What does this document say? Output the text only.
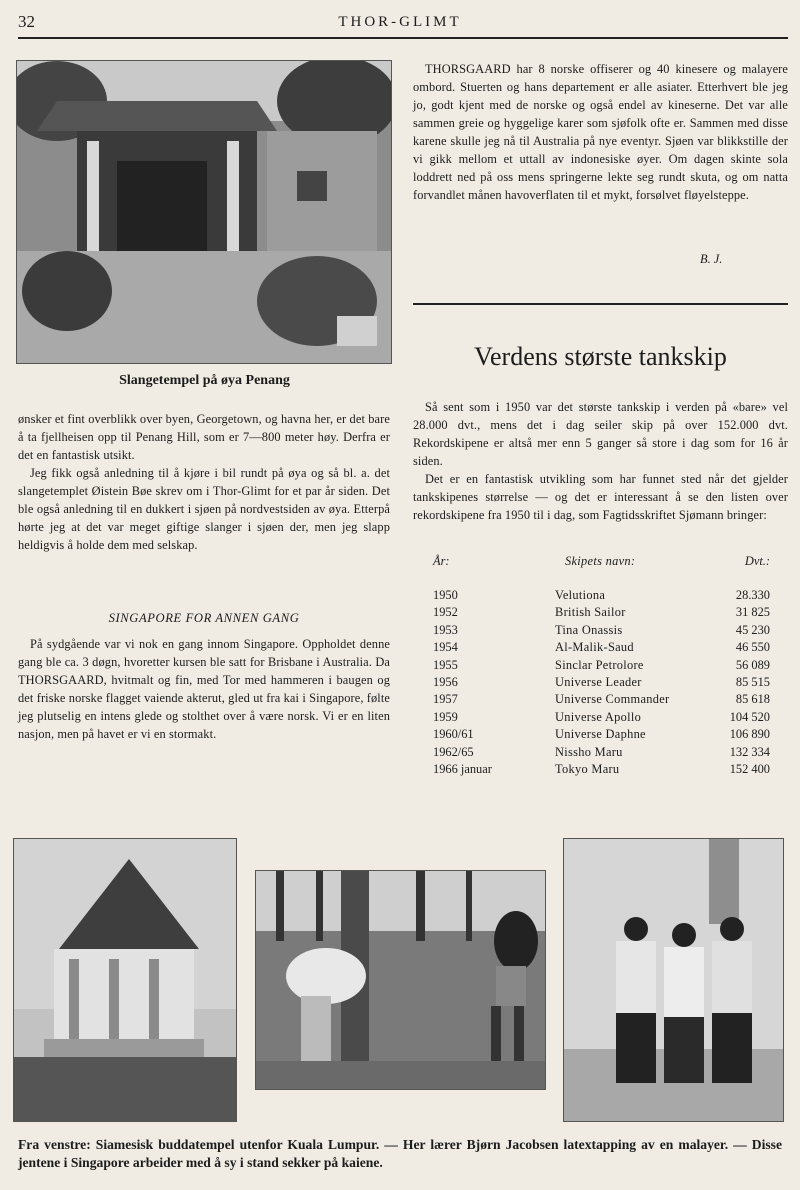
32	THOR-GLIMT
Slangetempel på øya Penang

THORSGAARD har 8 norske offiserer og 40 kinesere og malayere ombord. Stuerten og hans departement er alle asiater. Etterhvert ble jeg jo, godt kjent med de norske og også endel av kineserne. Det var alle sammen greie og hyggelige karer som sjøfolk ofte er. Sammen med disse karene skulle jeg nå til Australia på nye eventyr. Sjøen var blikkstille der vi gikk mellom et uttall av indonesiske øyer. Om dagen skinte sola loddrett ned på oss mens springerne lekte seg rundt skuta, og om natta forvandlet månen havoverflaten til et mykt, forsølvet fløyelsteppe.

B. J.
Verdens største tankskip

Så sent som i 1950 var det største tankskip i verden på «bare» vel 28.000 dvt., mens det i dag seiler skip på over 152.000 dvt. Rekordskipene er altså mer enn 5 ganger så store i dag som for 16 år siden.

Det er en fantastisk utvikling som har funnet sted når det gjelder tankskipenes størrelse — og det er interessant å se den listen over rekordskipene fra 1950 til i dag, som Fagtidsskriftet Sjømann bringer:

ønsker et fint overblikk over byen, Georgetown, og havna her, er det bare å ta fjellheisen opp til Penang Hill, som er 7—800 meter høy. Derfra er det en fantastisk utsikt.

Jeg fikk også anledning til å kjøre i bil rundt på øya og så bl. a. det slangetemplet Øistein Bøe skrev om i Thor-Glimt for et par år siden. Det ble også anledning til en dukkert i sjøen på nordvestsiden av øya. Etterpå hørte jeg at det var meget giftige slanger i sjøen der, men jeg slapp heldigvis å holde dem med selskap.

SINGAPORE FOR ANNEN GANG

På sydgående var vi nok en gang innom Singapore. Oppholdet denne gang ble ca. 3 døgn, hvoretter kursen ble satt for Brisbane i Australia. Da THORSGAARD, hvitmalt og fin, med Tor med hammeren i baugen og det friske norske flagget vaiende akterut, gled ut fra kai i Singapore, følte jeg plutselig en intens glede og stolthet over å være norsk. Vi er en liten nasjon, men på havet er vi en stormakt.

År:	Skipets navn:	Dvt.:
1950	Velutiona	28.330
1952	British Sailor	31 825
1953	Tina Onassis	45 230
1954	Al-Malik-Saud	46 550
1955	Sinclar Petrolore	56 089
1956	Universe Leader	85 515
1957	Universe Commander	85 618
1959	Universe Apollo	104 520
1960/61	Universe Daphne	106 890
1962/65	Nissho Maru	132 334
1966 januar	Tokyo Maru	152 400
Fra venstre: Siamesisk buddatempel utenfor Kuala Lumpur. — Her lærer Bjørn Jacobsen latextapping av en malayer. — Disse jentene i Singapore arbeider med å sy i stand sekker på kaiene.
